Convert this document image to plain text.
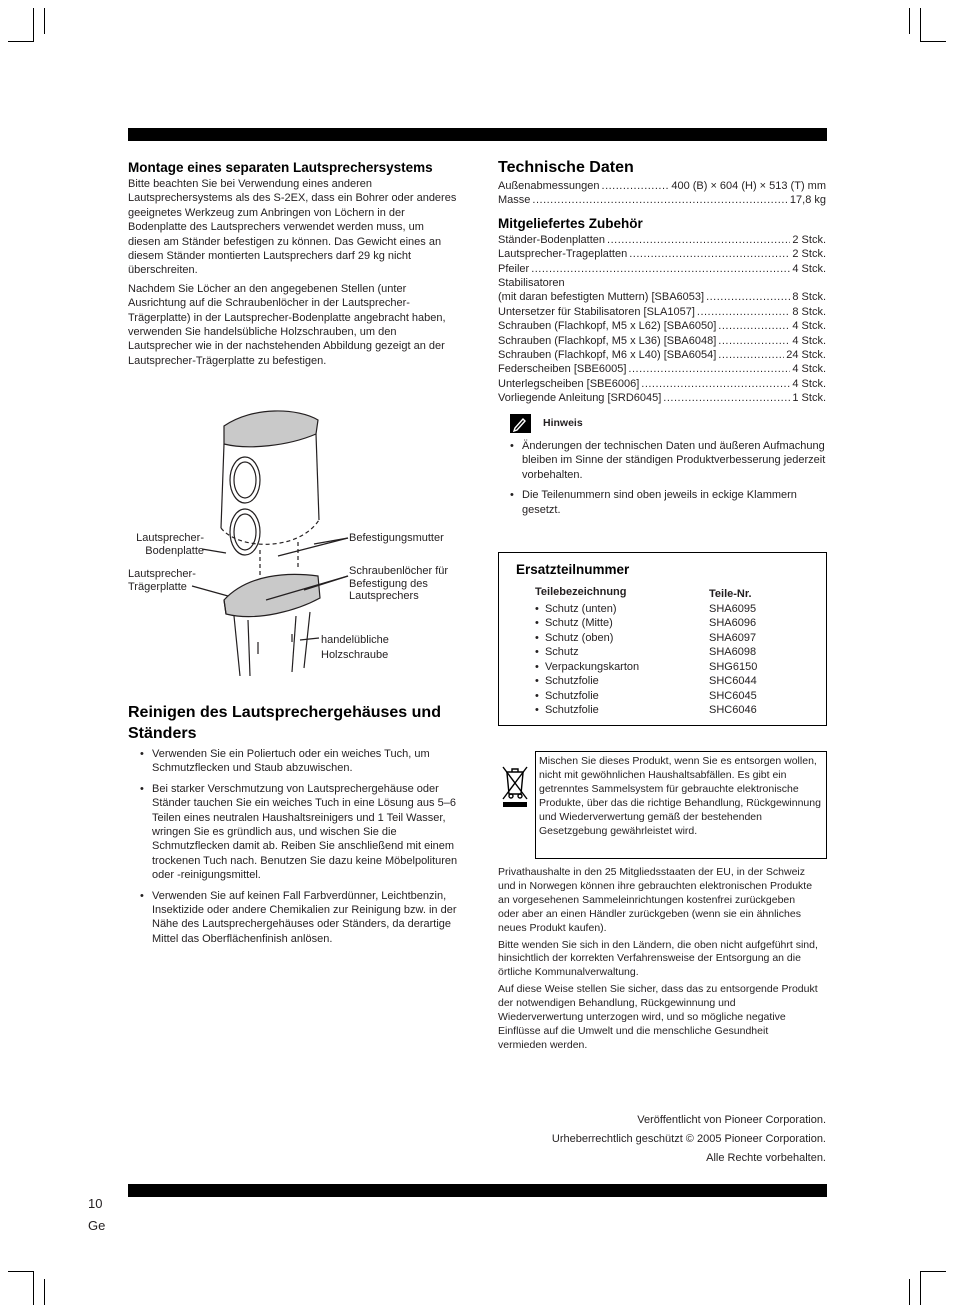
Montage eines separaten Lautsprechersystems

Bitte beachten Sie bei Verwendung eines anderen Lautsprechersystems als des S-2EX, dass ein Bohrer oder anderes geeignetes Werkzeug zum Anbringen von Löchern in der Bodenplatte des Lautsprechers verwendet werden muss, um diesen am Ständer befestigen zu können. Das Gewicht eines an diesem Ständer montierten Lautsprechers darf 29 kg nicht überschreiten.

Nachdem Sie Löcher an den angegebenen Stellen (unter Ausrichtung auf die Schraubenlöcher in der Lautsprecher-Trägerplatte) in der Lautsprecher-Bodenplatte angebracht haben, verwenden Sie handelsübliche Holzschrauben, um den Lautsprecher wie in der nachstehenden Abbildung gezeigt an der Lautsprecher-Trägerplatte zu befestigen.

Lautsprecher-
Bodenplatte
Lautsprecher-
Trägerplatte
Befestigungsmutter
Schraubenlöcher für
Befestigung des
Lautsprechers
handelübliche
Holzschraube
Reinigen des Lautsprechergehäuses und Ständers
• Verwenden Sie ein Poliertuch oder ein weiches Tuch, um Schmutzflecken und Staub abzuwischen.
• Bei starker Verschmutzung von Lautsprechergehäuse oder Ständer tauchen Sie ein weiches Tuch in eine Lösung aus 5–6 Teilen eines neutralen Haushaltsreinigers und 1 Teil Wasser, wringen Sie es gründlich aus, und wischen Sie die Schmutzflecken damit ab. Reiben Sie anschließend mit einem trockenen Tuch nach. Benutzen Sie dazu keine Möbelpolituren oder -reinigungsmittel.
• Verwenden Sie auf keinen Fall Farbverdünner, Leichtbenzin, Insektizide oder andere Chemikalien zur Reinigung bzw. in der Nähe des Lautsprechergehäuses oder Ständers, da derartige Mittel das Oberflächenfinish anlösen.
Technische Daten
Außenabmessungen .....	400 (B) × 604 (H) × 513 (T) mm
Masse .....	17,8 kg
Mitgeliefertes Zubehör
Ständer-Bodenplatten .....	2 Stck.
Lautsprecher-Trageplatten .....	2 Stck.
Pfeiler .....	4 Stck.
Stabilisatoren
(mit daran befestigten Muttern) [SBA6053] .....	8 Stck.
Untersetzer für Stabilisatoren [SLA1057] .....	8 Stck.
Schrauben (Flachkopf, M5 x L62) [SBA6050] .....	4 Stck.
Schrauben (Flachkopf, M5 x L36) [SBA6048] .....	4 Stck.
Schrauben (Flachkopf, M6 x L40) [SBA6054] .....	24 Stck.
Federscheiben [SBE6005] .....	4 Stck.
Unterlegscheiben [SBE6006] .....	4 Stck.
Vorliegende Anleitung [SRD6045] .....	1 Stck.
Hinweis
• Änderungen der technischen Daten und äußeren Aufmachung bleiben im Sinne der ständigen Produktverbesserung jederzeit vorbehalten.
• Die Teilenummern sind oben jeweils in eckige Klammern gesetzt.
Ersatzteilnummer
Teilebezeichnung	Teile-Nr.
•  Schutz (unten)	SHA6095
•  Schutz (Mitte)	SHA6096
•  Schutz (oben)	SHA6097
•  Schutz	SHA6098
•  Verpackungskarton	SHG6150
•  Schutzfolie	SHC6044
•  Schutzfolie	SHC6045
•  Schutzfolie	SHC6046
Mischen Sie dieses Produkt, wenn Sie es entsorgen wollen, nicht mit gewöhnlichen Haushaltsabfällen. Es gibt ein getrenntes Sammelsystem für gebrauchte elektronische Produkte, über das die richtige Behandlung, Rückgewinnung und Wiederverwertung gemäß der bestehenden Gesetzgebung gewährleistet wird.

Privathaushalte in den 25 Mitgliedsstaaten der EU, in der Schweiz und in Norwegen können ihre gebrauchten elektronischen Produkte an vorgesehenen Sammeleinrichtungen kostenfrei zurückgeben oder aber an einen Händler zurückgeben (wenn sie ein ähnliches neues Produkt kaufen).

Bitte wenden Sie sich in den Ländern, die oben nicht aufgeführt sind, hinsichtlich der korrekten Verfahrensweise der Entsorgung an die örtliche Kommunalverwaltung.

Auf diese Weise stellen Sie sicher, dass das zu entsorgende Produkt der notwendigen Behandlung, Rückgewinnung und Wiederverwertung unterzogen wird, und so mögliche negative Einflüsse auf die Umwelt und die menschliche Gesundheit vermieden werden.

Veröffentlicht von Pioneer Corporation.
Urheberrechtlich geschützt © 2005 Pioneer Corporation.
Alle Rechte vorbehalten.
10
Ge
